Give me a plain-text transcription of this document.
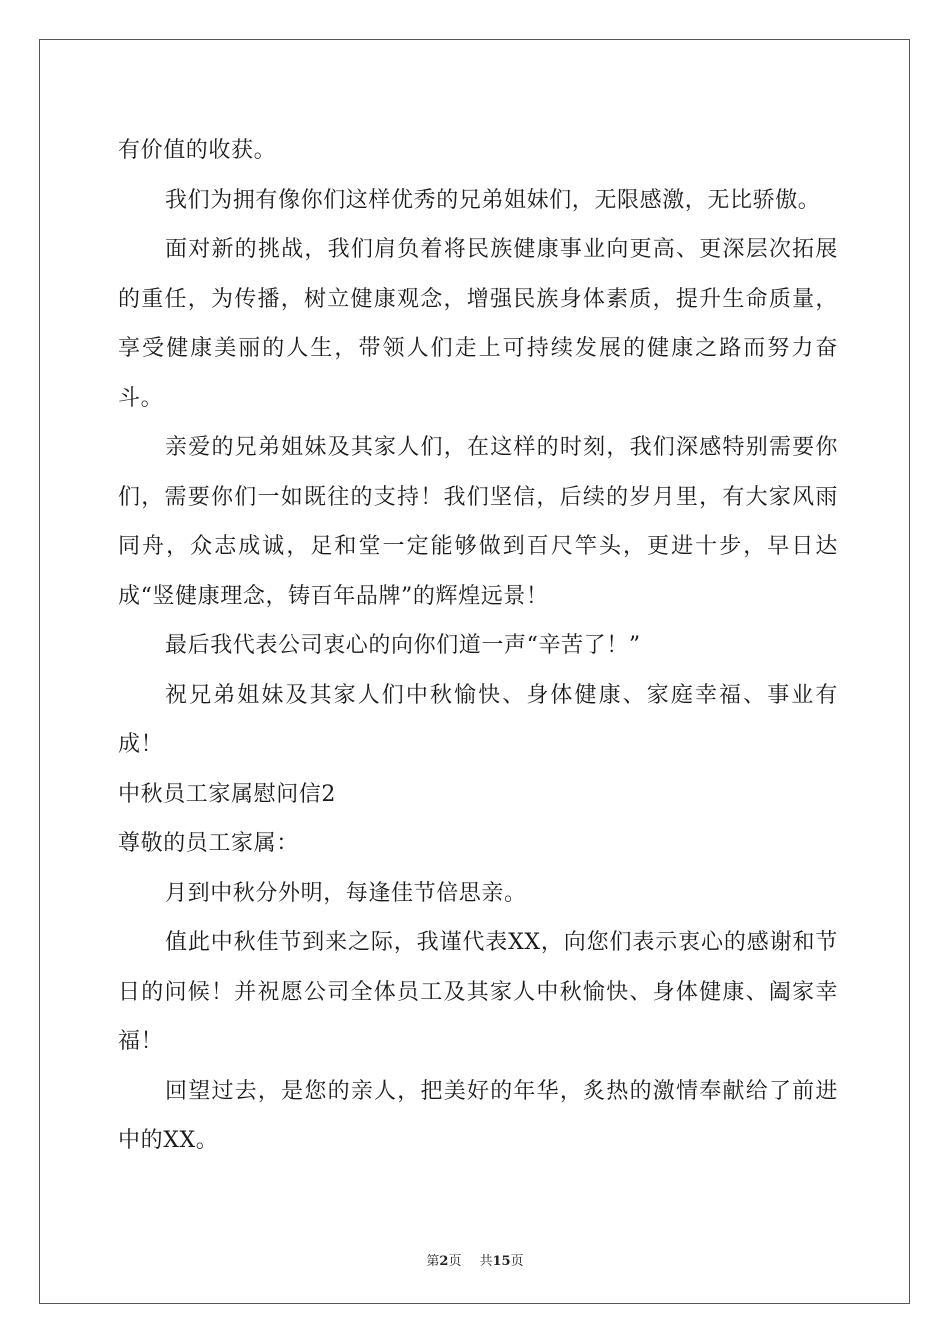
有价值的收获。

我们为拥有像你们这样优秀的兄弟姐妹们，无限感激，无比骄傲。

面对新的挑战，我们肩负着将民族健康事业向更高、更深层次拓展的重任，为传播，树立健康观念，增强民族身体素质，提升生命质量，享受健康美丽的人生，带领人们走上可持续发展的健康之路而努力奋斗。

亲爱的兄弟姐妹及其家人们，在这样的时刻，我们深感特别需要你们，需要你们一如既往的支持！我们坚信，后续的岁月里，有大家风雨同舟，众志成诚，足和堂一定能够做到百尺竿头，更进十步，早日达成“竖健康理念，铸百年品牌”的辉煌远景！

最后我代表公司衷心的向你们道一声“辛苦了！”

祝兄弟姐妹及其家人们中秋愉快、身体健康、家庭幸福、事业有成！

中秋员工家属慰问信2

尊敬的员工家属：

月到中秋分外明，每逢佳节倍思亲。

值此中秋佳节到来之际，我谨代表XX，向您们表示衷心的感谢和节日的问候！并祝愿公司全体员工及其家人中秋愉快、身体健康、阖家幸福！

回望过去，是您的亲人，把美好的年华，炙热的激情奉献给了前进中的XX。

第2页 共15页
